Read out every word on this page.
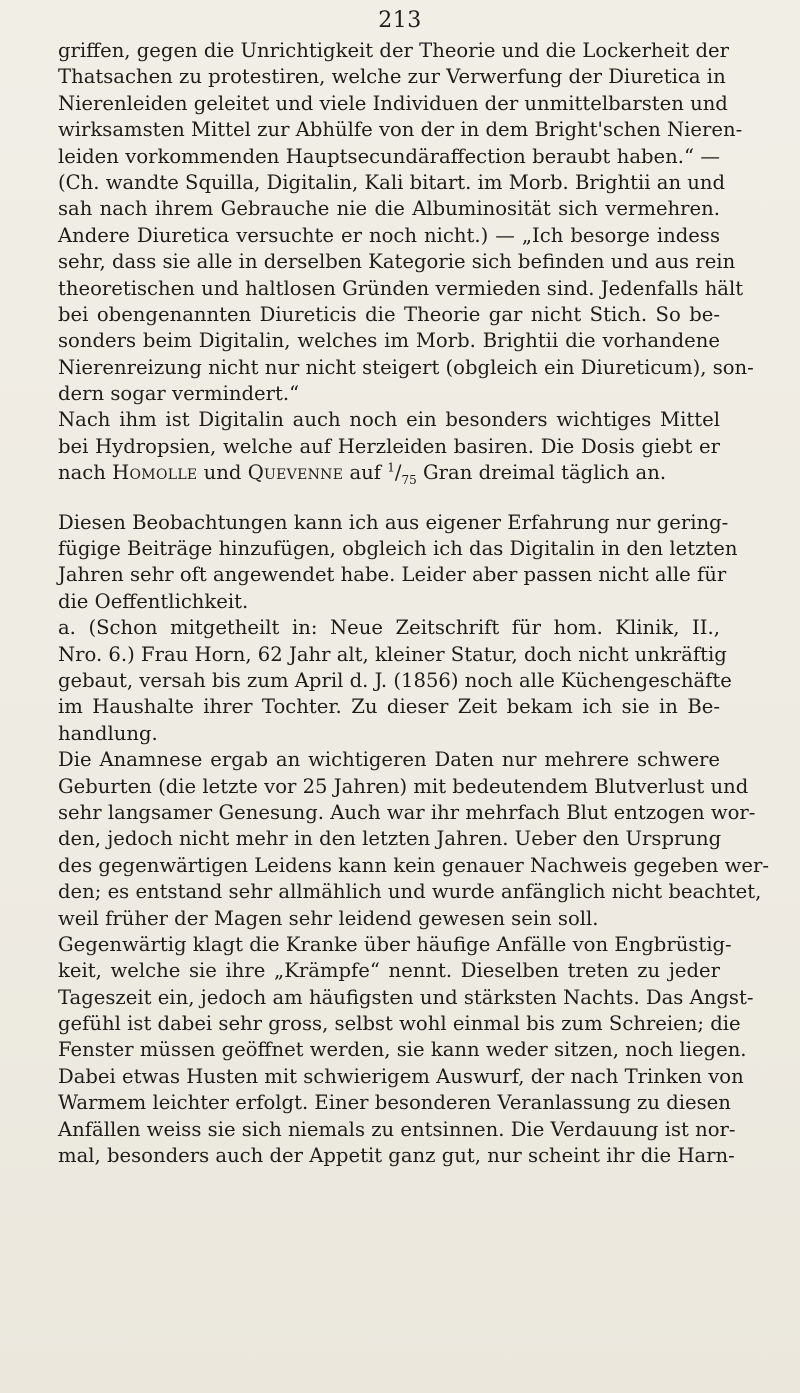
213
griffen, gegen die Unrichtigkeit der Theorie und die Lockerheit der
Thatsachen zu protestiren, welche zur Verwerfung der Diuretica in
Nierenleiden geleitet und viele Individuen der unmittelbarsten und
wirksamsten Mittel zur Abhülfe von der in dem Bright'schen Nieren-
leiden vorkommenden Hauptsecundäraffection beraubt haben.“ —
(Ch. wandte Squilla, Digitalin, Kali bitart. im Morb. Brightii an und
sah nach ihrem Gebrauche nie die Albuminosität sich vermehren.
Andere Diuretica versuchte er noch nicht.) — „Ich besorge indess
sehr, dass sie alle in derselben Kategorie sich befinden und aus rein
theoretischen und haltlosen Gründen vermieden sind. Jedenfalls hält
bei obengenannten Diureticis die Theorie gar nicht Stich. So be-
sonders beim Digitalin, welches im Morb. Brightii die vorhandene
Nierenreizung nicht nur nicht steigert (obgleich ein Diureticum), son-
dern sogar vermindert.“
Nach ihm ist Digitalin auch noch ein besonders wichtiges Mittel
bei Hydropsien, welche auf Herzleiden basiren. Die Dosis giebt er
nach Homolle und Quevenne auf $^1/_{75}$ Gran dreimal täglich an.
Diesen Beobachtungen kann ich aus eigener Erfahrung nur gering-
fügige Beiträge hinzufügen, obgleich ich das Digitalin in den letzten
Jahren sehr oft angewendet habe. Leider aber passen nicht alle für
die Oeffentlichkeit.
a. (Schon mitgetheilt in: Neue Zeitschrift für hom. Klinik, II.,
Nro. 6.) Frau Horn, 62 Jahr alt, kleiner Statur, doch nicht unkräftig
gebaut, versah bis zum April d. J. (1856) noch alle Küchengeschäfte
im Haushalte ihrer Tochter. Zu dieser Zeit bekam ich sie in Be-
handlung.
Die Anamnese ergab an wichtigeren Daten nur mehrere schwere
Geburten (die letzte vor 25 Jahren) mit bedeutendem Blutverlust und
sehr langsamer Genesung. Auch war ihr mehrfach Blut entzogen wor-
den, jedoch nicht mehr in den letzten Jahren. Ueber den Ursprung
des gegenwärtigen Leidens kann kein genauer Nachweis gegeben wer-
den; es entstand sehr allmählich und wurde anfänglich nicht beachtet,
weil früher der Magen sehr leidend gewesen sein soll.
Gegenwärtig klagt die Kranke über häufige Anfälle von Engbrüstig-
keit, welche sie ihre „Krämpfe“ nennt. Dieselben treten zu jeder
Tageszeit ein, jedoch am häufigsten und stärksten Nachts. Das Angst-
gefühl ist dabei sehr gross, selbst wohl einmal bis zum Schreien; die
Fenster müssen geöffnet werden, sie kann weder sitzen, noch liegen.
Dabei etwas Husten mit schwierigem Auswurf, der nach Trinken von
Warmem leichter erfolgt. Einer besonderen Veranlassung zu diesen
Anfällen weiss sie sich niemals zu entsinnen. Die Verdauung ist nor-
mal, besonders auch der Appetit ganz gut, nur scheint ihr die Harn-
